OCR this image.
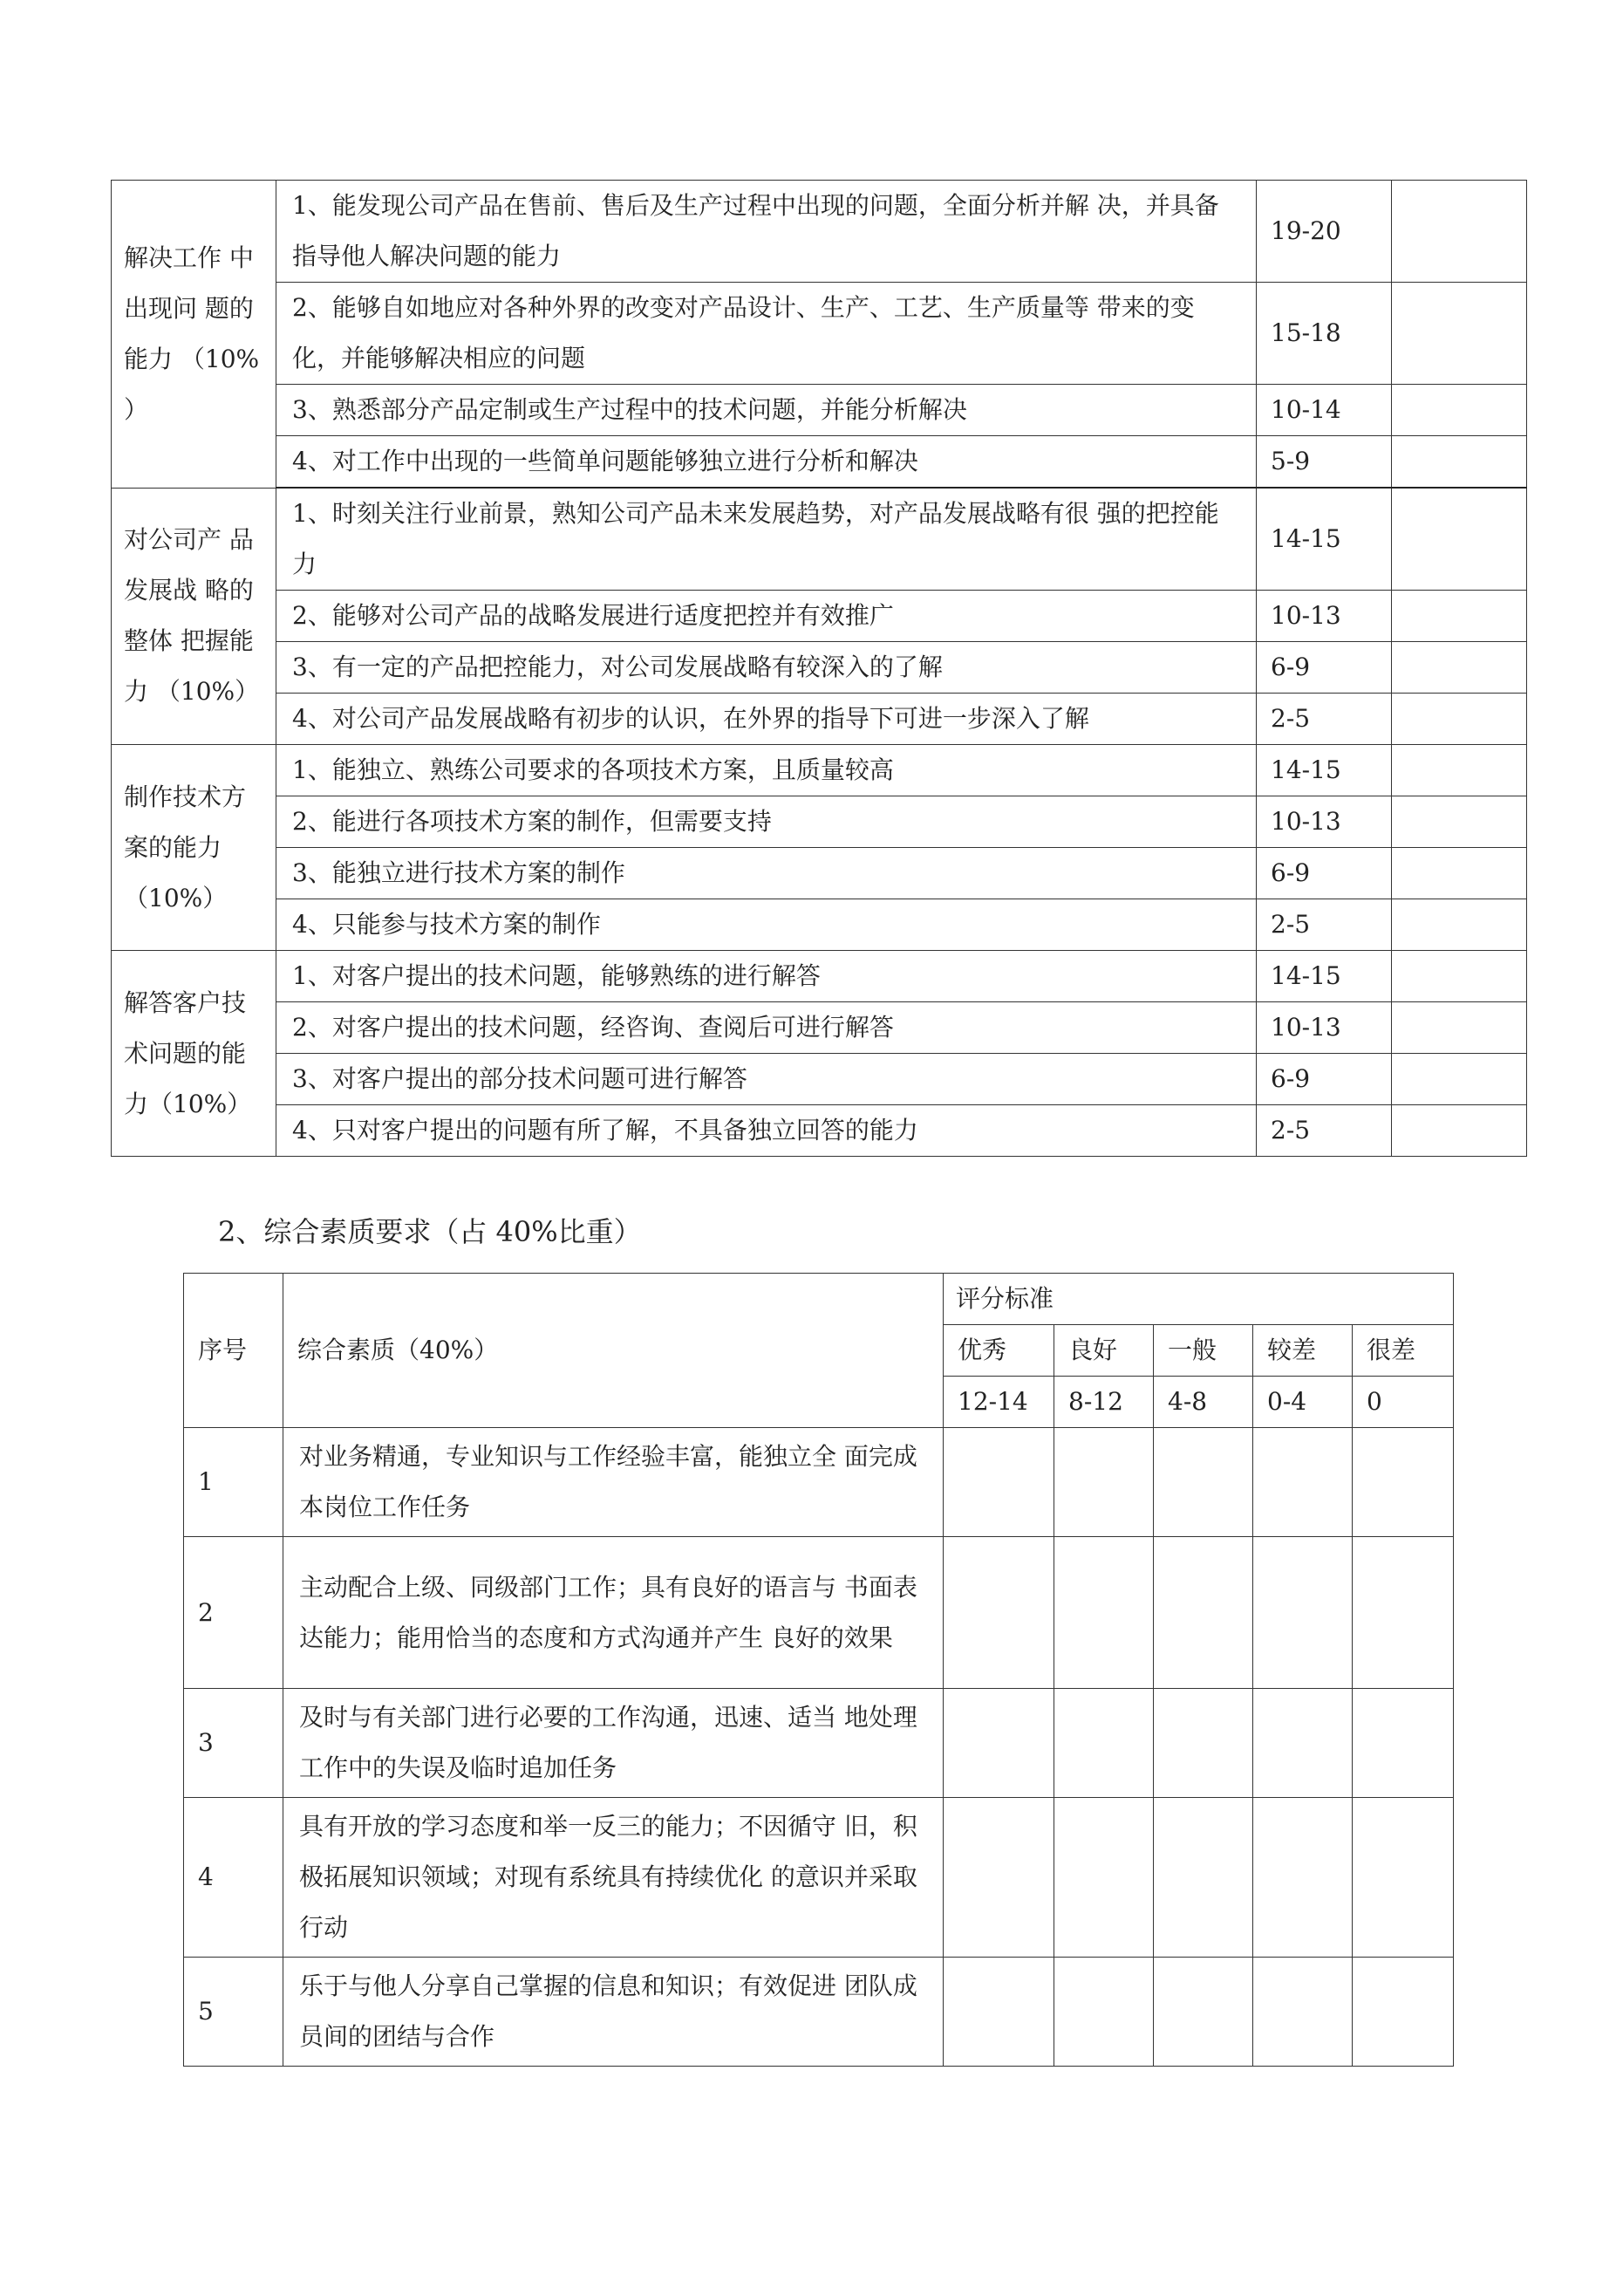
解决工作 中出现问 题的能力 （10% ）	1、能发现公司产品在售前、售后及生产过程中出现的问题，全面分析并解 决，并具备指导他人解决问题的能力	19-20	
	2、能够自如地应对各种外界的改变对产品设计、生产、工艺、生产质量等 带来的变化，并能够解决相应的问题	15-18	
	3、熟悉部分产品定制或生产过程中的技术问题，并能分析解决	10-14	
	4、对工作中出现的一些简单问题能够独立进行分析和解决	5-9	
对公司产 品发展战 略的整体 把握能力 （10%）	1、时刻关注行业前景，熟知公司产品未来发展趋势，对产品发展战略有很 强的把控能力	14-15	
	2、能够对公司产品的战略发展进行适度把控并有效推广	10-13	
	3、有一定的产品把控能力，对公司发展战略有较深入的了解	6-9	
	4、对公司产品发展战略有初步的认识，在外界的指导下可进一步深入了解	2-5	
制作技术方案的能力（10%）	1、能独立、熟练公司要求的各项技术方案，且质量较高	14-15	
	2、能进行各项技术方案的制作，但需要支持	10-13	
	3、能独立进行技术方案的制作	6-9	
	4、只能参与技术方案的制作	2-5	
解答客户技术问题的能力（10%）	1、对客户提出的技术问题，能够熟练的进行解答	14-15	
	2、对客户提出的技术问题，经咨询、查阅后可进行解答	10-13	
	3、对客户提出的部分技术问题可进行解答	6-9	
	4、只对客户提出的问题有所了解，不具备独立回答的能力	2-5	
2、综合素质要求（占 40%比重）
序号	综合素质（40%）	评分标准				
		优秀	良好	一般	较差	很差
		12-14	8-12	4-8	0-4	0
1	对业务精通，专业知识与工作经验丰富，能独立全 面完成本岗位工作任务					
2	主动配合上级、同级部门工作；具有良好的语言与 书面表达能力；能用恰当的态度和方式沟通并产生 良好的效果					
3	及时与有关部门进行必要的工作沟通，迅速、适当 地处理工作中的失误及临时追加任务					
4	具有开放的学习态度和举一反三的能力；不因循守 旧，积极拓展知识领域；对现有系统具有持续优化 的意识并采取行动					
5	乐于与他人分享自己掌握的信息和知识；有效促进 团队成员间的团结与合作					
